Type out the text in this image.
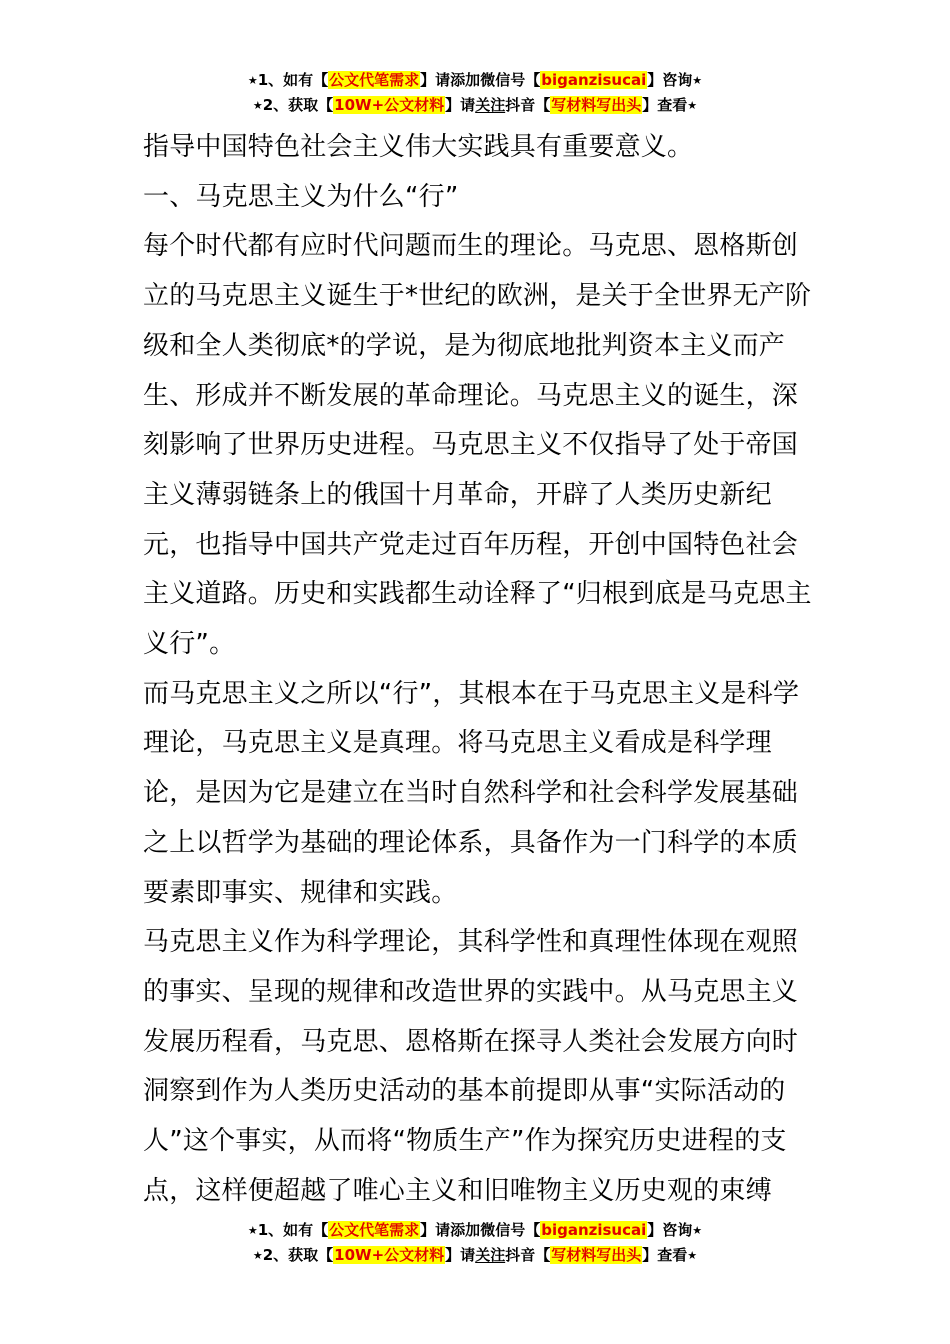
★1、如有【公文代笔需求】请添加微信号【biganzisucai】咨询★
★2、获取【10W+公文材料】请关注抖音【写材料写出头】查看★

指导中国特色社会主义伟大实践具有重要意义。

一、马克思主义为什么“行”

每个时代都有应时代问题而生的理论。马克思、恩格斯创立的马克思主义诞生于*世纪的欧洲，是关于全世界无产阶级和全人类彻底*的学说，是为彻底地批判资本主义而产生、形成并不断发展的革命理论。马克思主义的诞生，深刻影响了世界历史进程。马克思主义不仅指导了处于帝国主义薄弱链条上的俄国十月革命，开辟了人类历史新纪元，也指导中国共产党走过百年历程，开创中国特色社会主义道路。历史和实践都生动诠释了“归根到底是马克思主义行”。

而马克思主义之所以“行”，其根本在于马克思主义是科学理论，马克思主义是真理。将马克思主义看成是科学理论，是因为它是建立在当时自然科学和社会科学发展基础之上以哲学为基础的理论体系，具备作为一门科学的本质要素即事实、规律和实践。

马克思主义作为科学理论，其科学性和真理性体现在观照的事实、呈现的规律和改造世界的实践中。从马克思主义发展历程看，马克思、恩格斯在探寻人类社会发展方向时洞察到作为人类历史活动的基本前提即从事“实际活动的人”这个事实，从而将“物质生产”作为探究历史进程的支点，这样便超越了唯心主义和旧唯物主义历史观的束缚

★1、如有【公文代笔需求】请添加微信号【biganzisucai】咨询★
★2、获取【10W+公文材料】请关注抖音【写材料写出头】查看★
